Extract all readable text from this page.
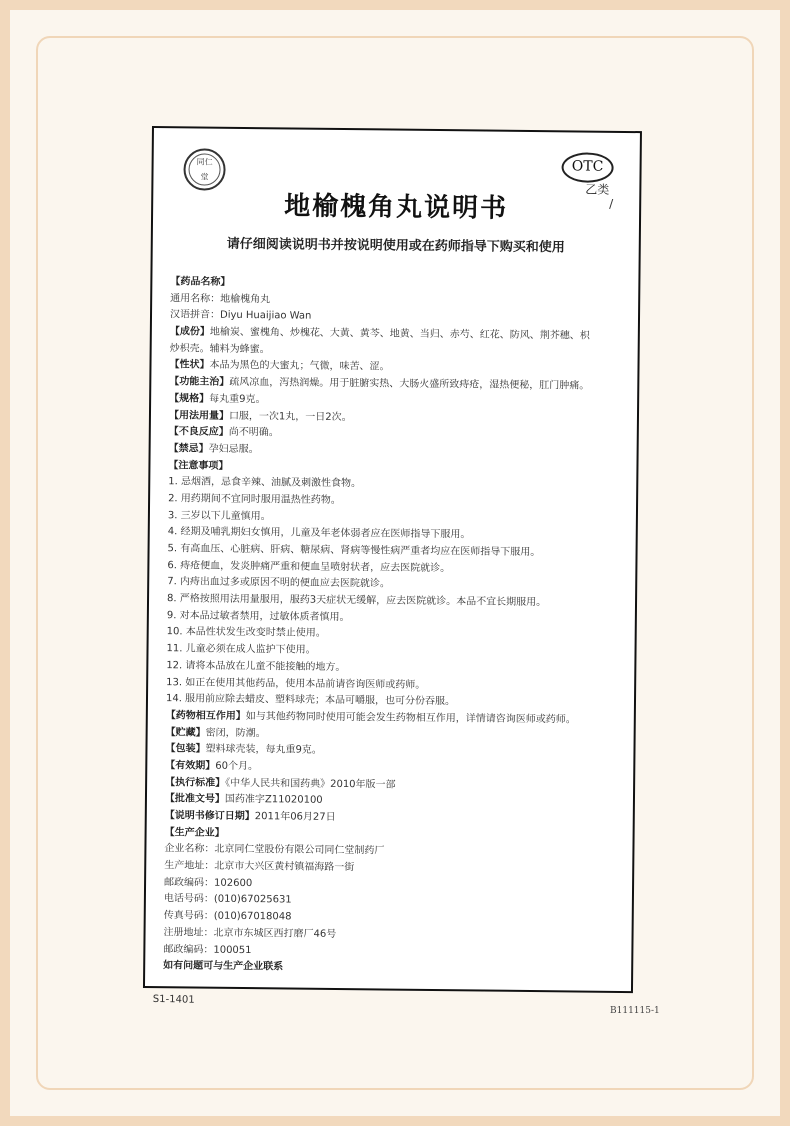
同仁
堂
OTC
乙类
/
地榆槐角丸说明书
请仔细阅读说明书并按说明使用或在药师指导下购买和使用
【药品名称】
通用名称：地榆槐角丸
汉语拼音：Diyu Huaijiao Wan
【成份】地榆炭、蜜槐角、炒槐花、大黄、黄芩、地黄、当归、赤芍、红花、防风、荆芥穗、枳
炒枳壳。辅料为蜂蜜。
【性状】本品为黑色的大蜜丸；气微，味苦、涩。
【功能主治】疏风凉血，泻热润燥。用于脏腑实热、大肠火盛所致痔疮，湿热便秘，肛门肿痛。
【规格】每丸重9克。
【用法用量】口服，一次1丸，一日2次。
【不良反应】尚不明确。
【禁忌】孕妇忌服。
【注意事项】
1. 忌烟酒，忌食辛辣、油腻及刺激性食物。
2. 用药期间不宜同时服用温热性药物。
3. 三岁以下儿童慎用。
4. 经期及哺乳期妇女慎用，儿童及年老体弱者应在医师指导下服用。
5. 有高血压、心脏病、肝病、糖尿病、肾病等慢性病严重者均应在医师指导下服用。
6. 痔疮便血，发炎肿痛严重和便血呈喷射状者，应去医院就诊。
7. 内痔出血过多或原因不明的便血应去医院就诊。
8. 严格按照用法用量服用，服药3天症状无缓解，应去医院就诊。本品不宜长期服用。
9. 对本品过敏者禁用，过敏体质者慎用。
10. 本品性状发生改变时禁止使用。
11. 儿童必须在成人监护下使用。
12. 请将本品放在儿童不能接触的地方。
13. 如正在使用其他药品，使用本品前请咨询医师或药师。
14. 服用前应除去蜡皮、塑料球壳；本品可嚼服，也可分份吞服。
【药物相互作用】如与其他药物同时使用可能会发生药物相互作用，详情请咨询医师或药师。
【贮藏】密闭，防潮。
【包装】塑料球壳装，每丸重9克。
【有效期】60个月。
【执行标准】《中华人民共和国药典》2010年版一部
【批准文号】国药准字Z11020100
【说明书修订日期】2011年06月27日
【生产企业】
企业名称：北京同仁堂股份有限公司同仁堂制药厂
生产地址：北京市大兴区黄村镇福海路一街
邮政编码：102600
电话号码：(010)67025631
传真号码：(010)67018048
注册地址：北京市东城区西打磨厂46号
邮政编码：100051
如有问题可与生产企业联系
S1-1401
B111115-1
